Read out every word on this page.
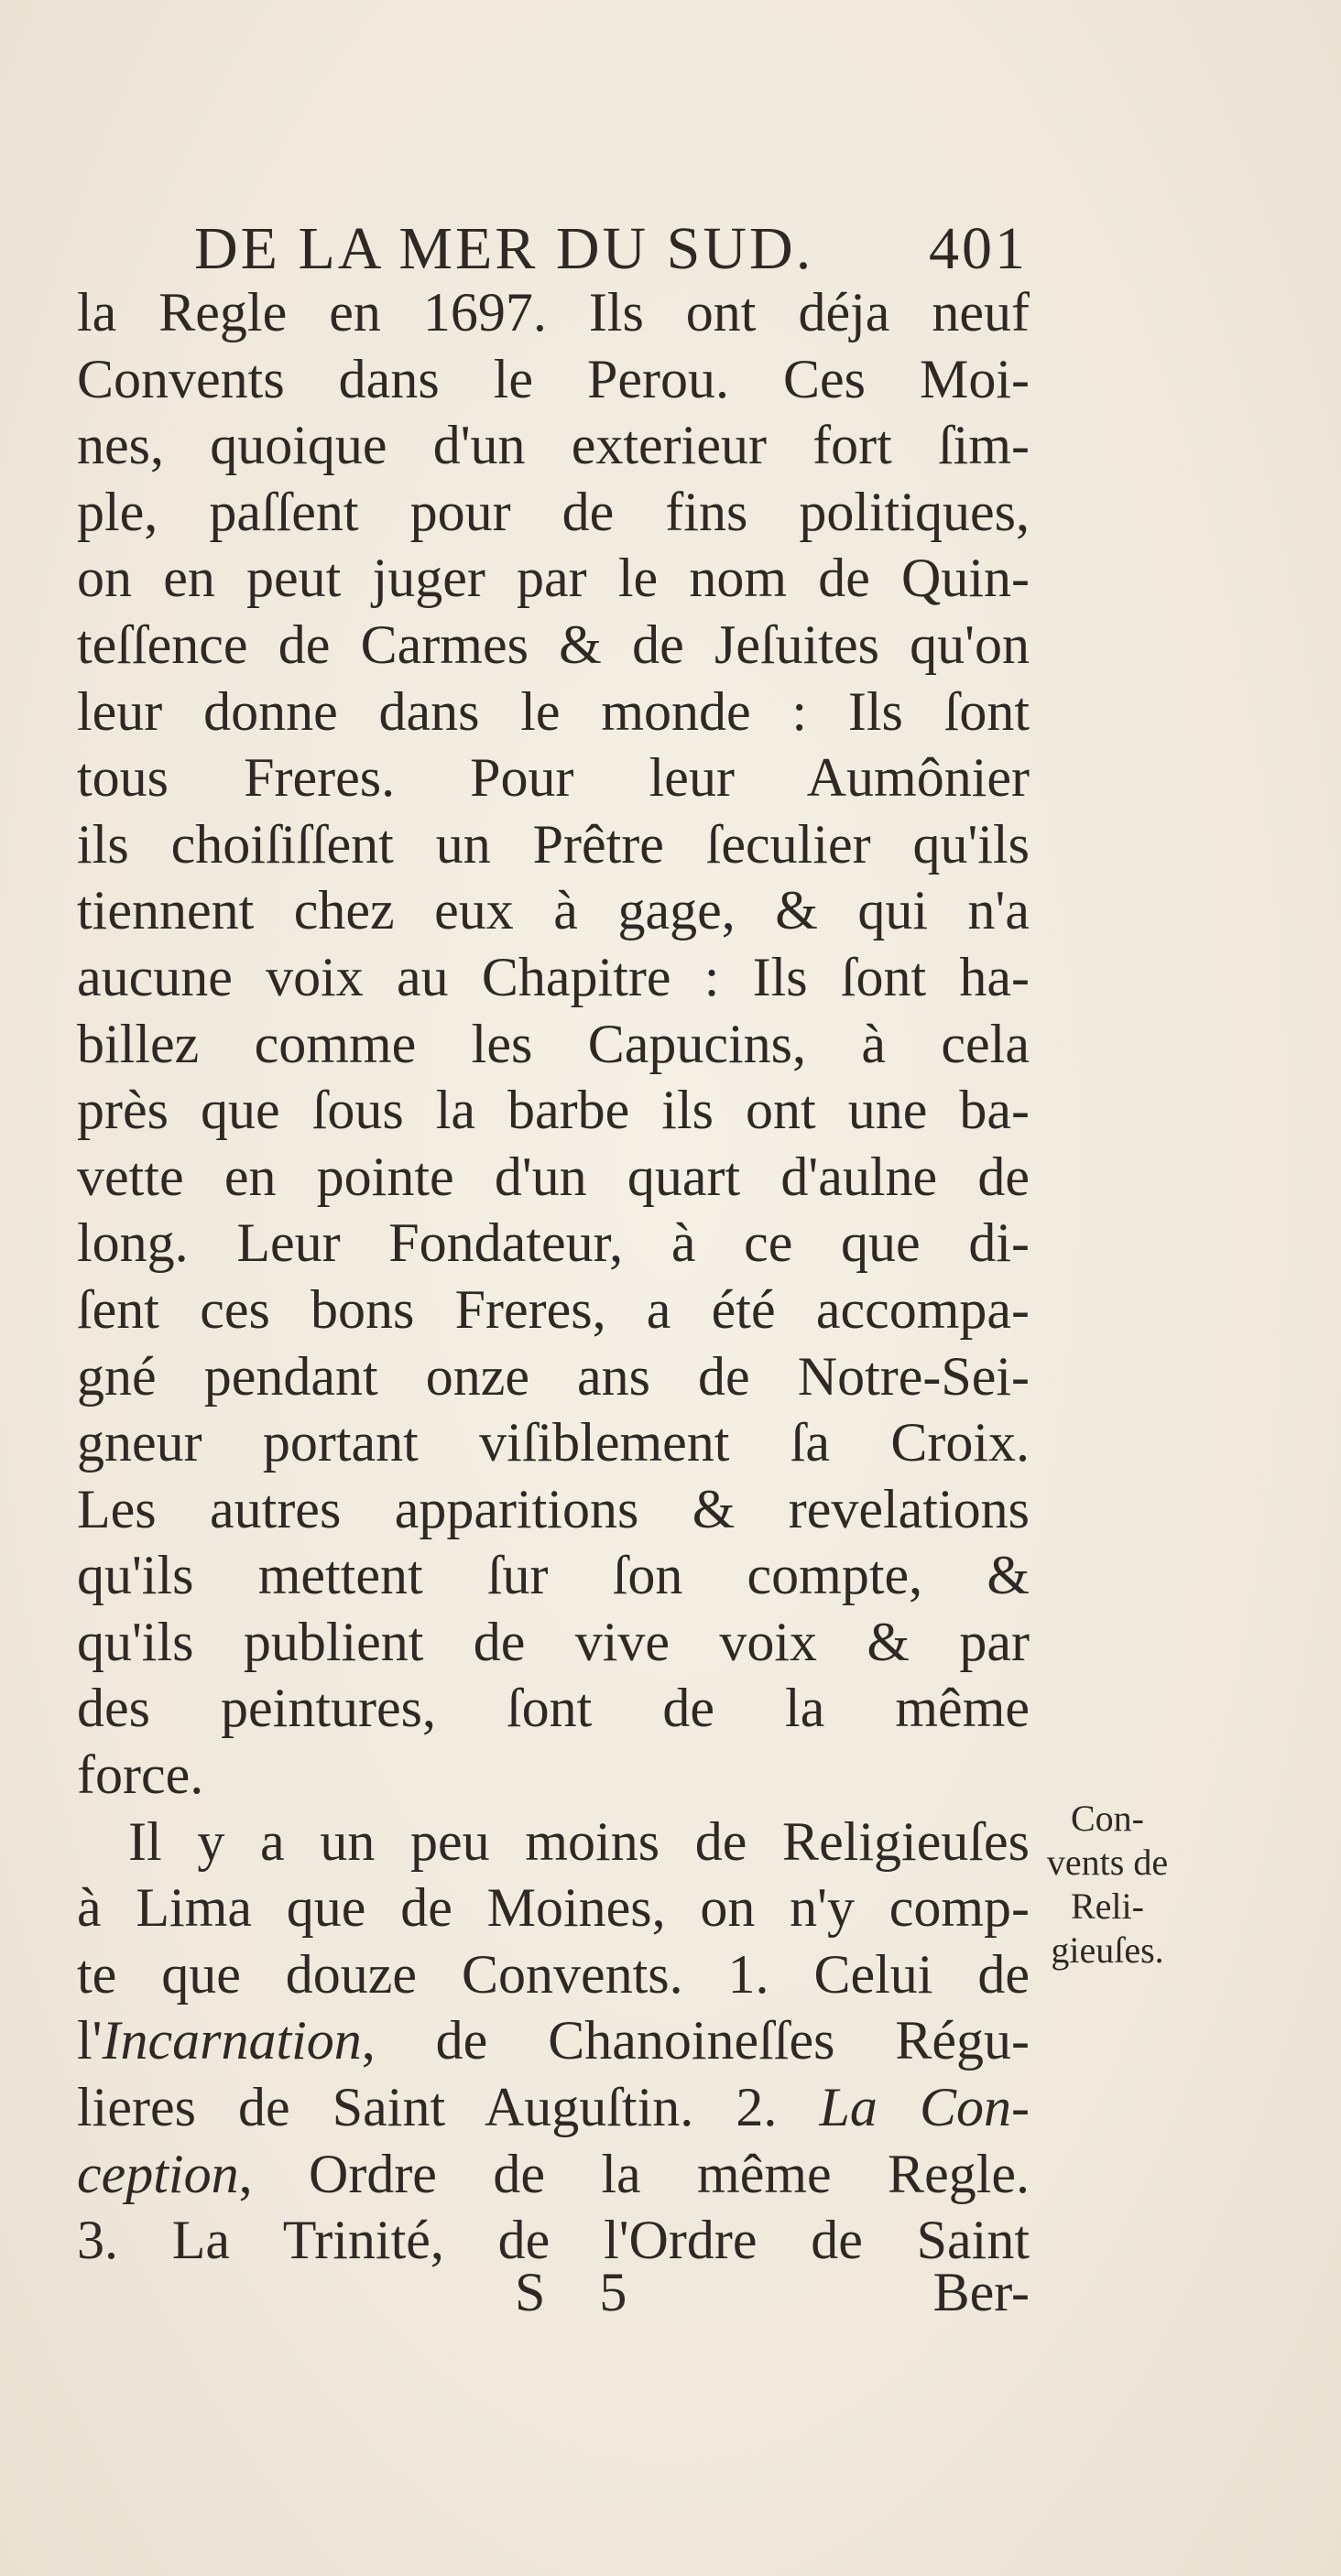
DE LA MER DU SUD. 401
la Regle en 1697. Ils ont déja neuf
Convents dans le Perou. Ces Moi-
nes, quoique d'un exterieur fort ſim-
ple, paſſent pour de fins politiques,
on en peut juger par le nom de Quin-
teſſence de Carmes & de Jeſuites qu'on
leur donne dans le monde : Ils ſont
tous Freres. Pour leur Aumônier
ils choiſiſſent un Prêtre ſeculier qu'ils
tiennent chez eux à gage, & qui n'a
aucune voix au Chapitre : Ils ſont ha-
billez comme les Capucins, à cela
près que ſous la barbe ils ont une ba-
vette en pointe d'un quart d'aulne de
long. Leur Fondateur, à ce que di-
ſent ces bons Freres, a été accompa-
gné pendant onze ans de Notre-Sei-
gneur portant viſiblement ſa Croix.
Les autres apparitions & revelations
qu'ils mettent ſur ſon compte, &
qu'ils publient de vive voix & par
des peintures, ſont de la même
force.
Il y a un peu moins de Religieuſes
à Lima que de Moines, on n'y comp-
te que douze Convents. 1. Celui de
l'Incarnation, de Chanoineſſes Régu-
lieres de Saint Auguſtin. 2. La Con-
ception, Ordre de la même Regle.
3. La Trinité, de l'Ordre de Saint
Con-
vents de
Reli-
gieuſes.
S 5	Ber-
